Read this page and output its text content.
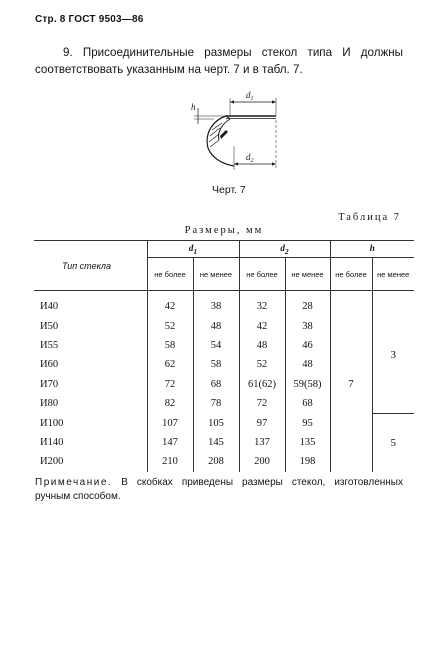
Стр. 8 ГОСТ 9503—86
9. Присоединительные размеры стекол типа И должны соответствовать указанным на черт. 7 и в табл. 7.
h
$d_1$
$d_2$
Черт. 7
Таблица 7
Размеры, мм
Тип стекла	$d_1$		$d_2$		h	
	не более	не менее	не более	не менее	не более	не менее
И40	42	38	32	28	7	3
И50	52	48	42	38		
И55	58	54	48	46		
И60	62	58	52	48		
И70	72	68	61(62)	59(58)		
И80	82	78	72	68		
И100	107	105	97	95		5
И140	147	145	137	135		
И200	210	208	200	198		
Примечание. В скобках приведены размеры стекол, изготовленных ручным способом.
